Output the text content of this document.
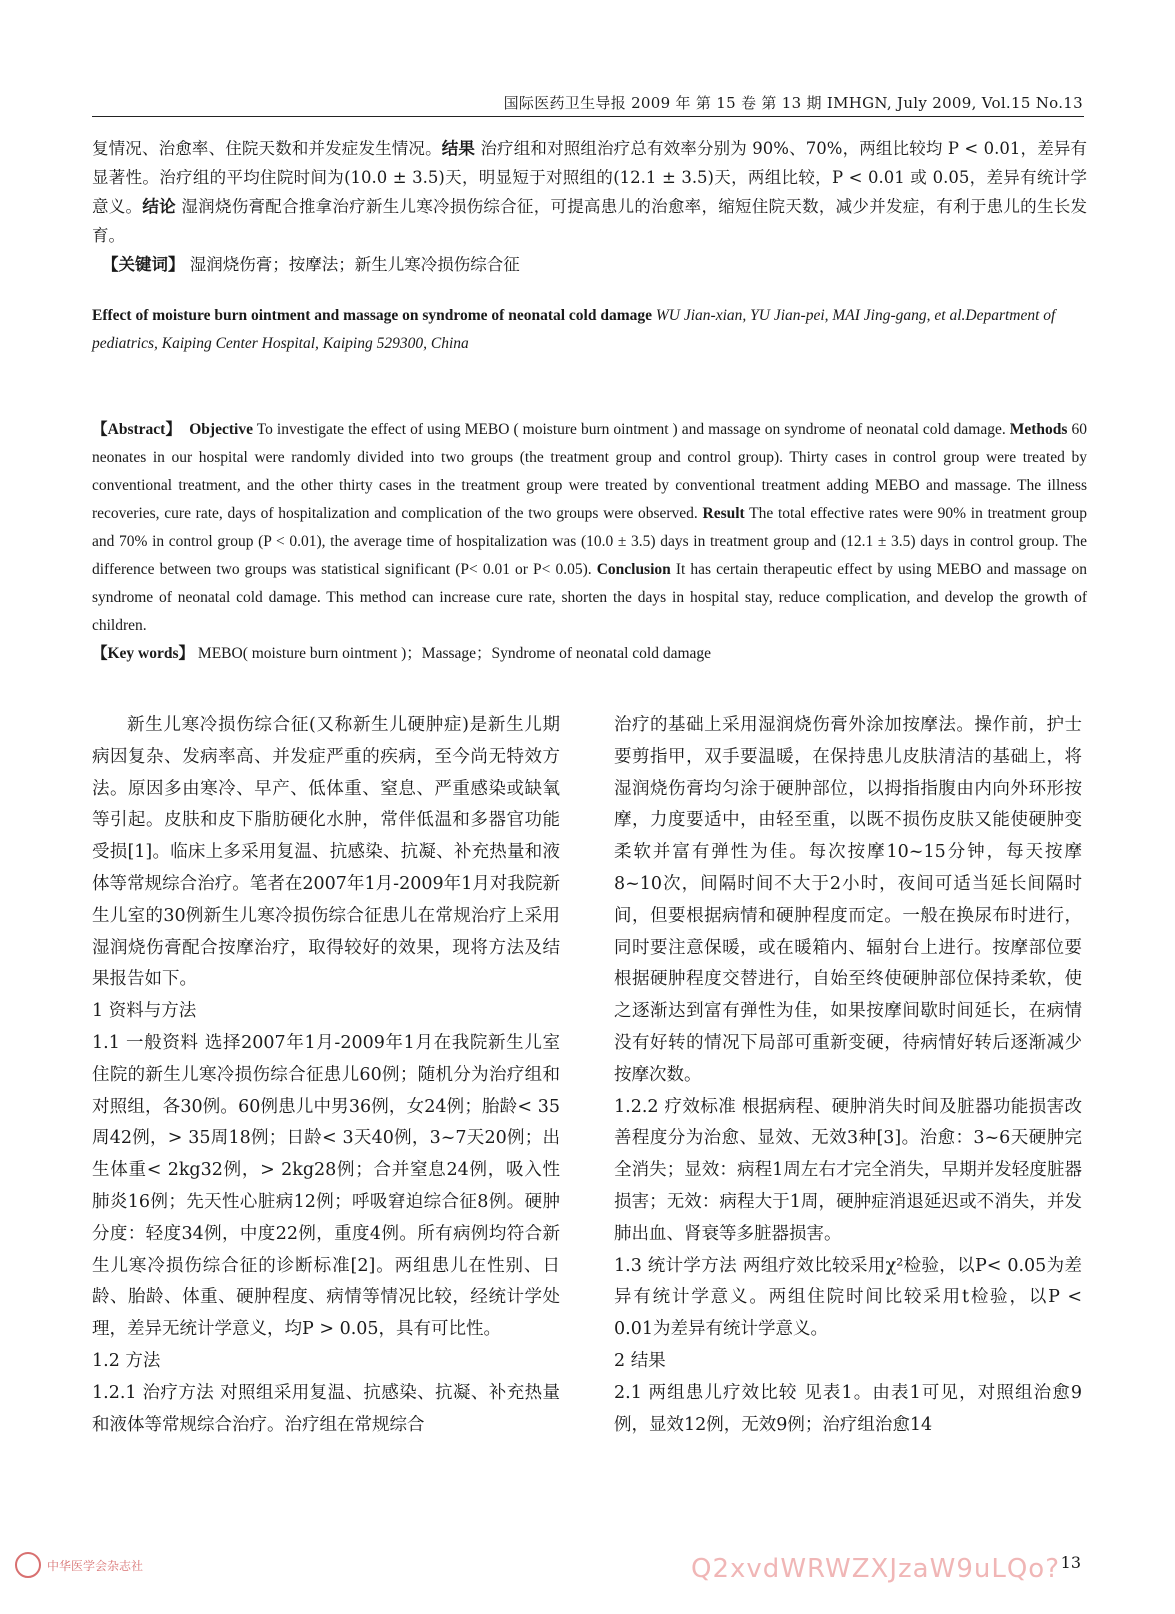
国际医药卫生导报 2009 年 第 15 卷 第 13 期 IMHGN, July 2009, Vol.15 No.13
复情况、治愈率、住院天数和并发症发生情况。结果 治疗组和对照组治疗总有效率分别为 90%、70%，两组比较均 P < 0.01，差异有显著性。治疗组的平均住院时间为(10.0 ± 3.5)天，明显短于对照组的(12.1 ± 3.5)天，两组比较，P < 0.01 或 0.05，差异有统计学意义。结论 湿润烧伤膏配合推拿治疗新生儿寒冷损伤综合征，可提高患儿的治愈率，缩短住院天数，减少并发症，有利于患儿的生长发育。
【关键词】 湿润烧伤膏；按摩法；新生儿寒冷损伤综合征
Effect of moisture burn ointment and massage on syndrome of neonatal cold damage WU Jian-xian, YU Jian-pei, MAI Jing-gang, et al.Department of pediatrics, Kaiping Center Hospital, Kaiping 529300, China
【Abstract】 Objective To investigate the effect of using MEBO ( moisture burn ointment ) and massage on syndrome of neonatal cold damage. Methods 60 neonates in our hospital were randomly divided into two groups (the treatment group and control group). Thirty cases in control group were treated by conventional treatment, and the other thirty cases in the treatment group were treated by conventional treatment adding MEBO and massage. The illness recoveries, cure rate, days of hospitalization and complication of the two groups were observed. Result The total effective rates were 90% in treatment group and 70% in control group (P < 0.01), the average time of hospitalization was (10.0 ± 3.5) days in treatment group and (12.1 ± 3.5) days in control group. The difference between two groups was statistical significant (P< 0.01 or P< 0.05). Conclusion It has certain therapeutic effect by using MEBO and massage on syndrome of neonatal cold damage. This method can increase cure rate, shorten the days in hospital stay, reduce complication, and develop the growth of children.
【Key words】 MEBO( moisture burn ointment )；Massage；Syndrome of neonatal cold damage

新生儿寒冷损伤综合征(又称新生儿硬肿症)是新生儿期病因复杂、发病率高、并发症严重的疾病，至今尚无特效方法。原因多由寒冷、早产、低体重、窒息、严重感染或缺氧等引起。皮肤和皮下脂肪硬化水肿，常伴低温和多器官功能受损[1]。临床上多采用复温、抗感染、抗凝、补充热量和液体等常规综合治疗。笔者在2007年1月-2009年1月对我院新生儿室的30例新生儿寒冷损伤综合征患儿在常规治疗上采用湿润烧伤膏配合按摩治疗，取得较好的效果，现将方法及结果报告如下。

1 资料与方法

1.1 一般资料 选择2007年1月-2009年1月在我院新生儿室住院的新生儿寒冷损伤综合征患儿60例；随机分为治疗组和对照组，各30例。60例患儿中男36例，女24例；胎龄< 35周42例，> 35周18例；日龄< 3天40例，3~7天20例；出生体重< 2kg32例，> 2kg28例；合并窒息24例，吸入性肺炎16例；先天性心脏病12例；呼吸窘迫综合征8例。硬肿分度：轻度34例，中度22例，重度4例。所有病例均符合新生儿寒冷损伤综合征的诊断标准[2]。两组患儿在性别、日龄、胎龄、体重、硬肿程度、病情等情况比较，经统计学处理，差异无统计学意义，均P > 0.05，具有可比性。

1.2 方法

1.2.1 治疗方法 对照组采用复温、抗感染、抗凝、补充热量和液体等常规综合治疗。治疗组在常规综合

治疗的基础上采用湿润烧伤膏外涂加按摩法。操作前，护士要剪指甲，双手要温暖，在保持患儿皮肤清洁的基础上，将湿润烧伤膏均匀涂于硬肿部位，以拇指指腹由内向外环形按摩，力度要适中，由轻至重，以既不损伤皮肤又能使硬肿变柔软并富有弹性为佳。每次按摩10~15分钟，每天按摩8~10次，间隔时间不大于2小时，夜间可适当延长间隔时间，但要根据病情和硬肿程度而定。一般在换尿布时进行，同时要注意保暖，或在暖箱内、辐射台上进行。按摩部位要根据硬肿程度交替进行，自始至终使硬肿部位保持柔软，使之逐渐达到富有弹性为佳，如果按摩间歇时间延长，在病情没有好转的情况下局部可重新变硬，待病情好转后逐渐减少按摩次数。

1.2.2 疗效标准 根据病程、硬肿消失时间及脏器功能损害改善程度分为治愈、显效、无效3种[3]。治愈：3~6天硬肿完全消失；显效：病程1周左右才完全消失，早期并发轻度脏器损害；无效：病程大于1周，硬肿症消退延迟或不消失，并发肺出血、肾衰等多脏器损害。

1.3 统计学方法 两组疗效比较采用χ²检验，以P< 0.05为差异有统计学意义。两组住院时间比较采用t检验，以P < 0.01为差异有统计学意义。

2 结果

2.1 两组患儿疗效比较 见表1。由表1可见，对照组治愈9例，显效12例，无效9例；治疗组治愈14

中华医学会杂志社	Q2xvdWRWZXJzaW9uLQo? 13
